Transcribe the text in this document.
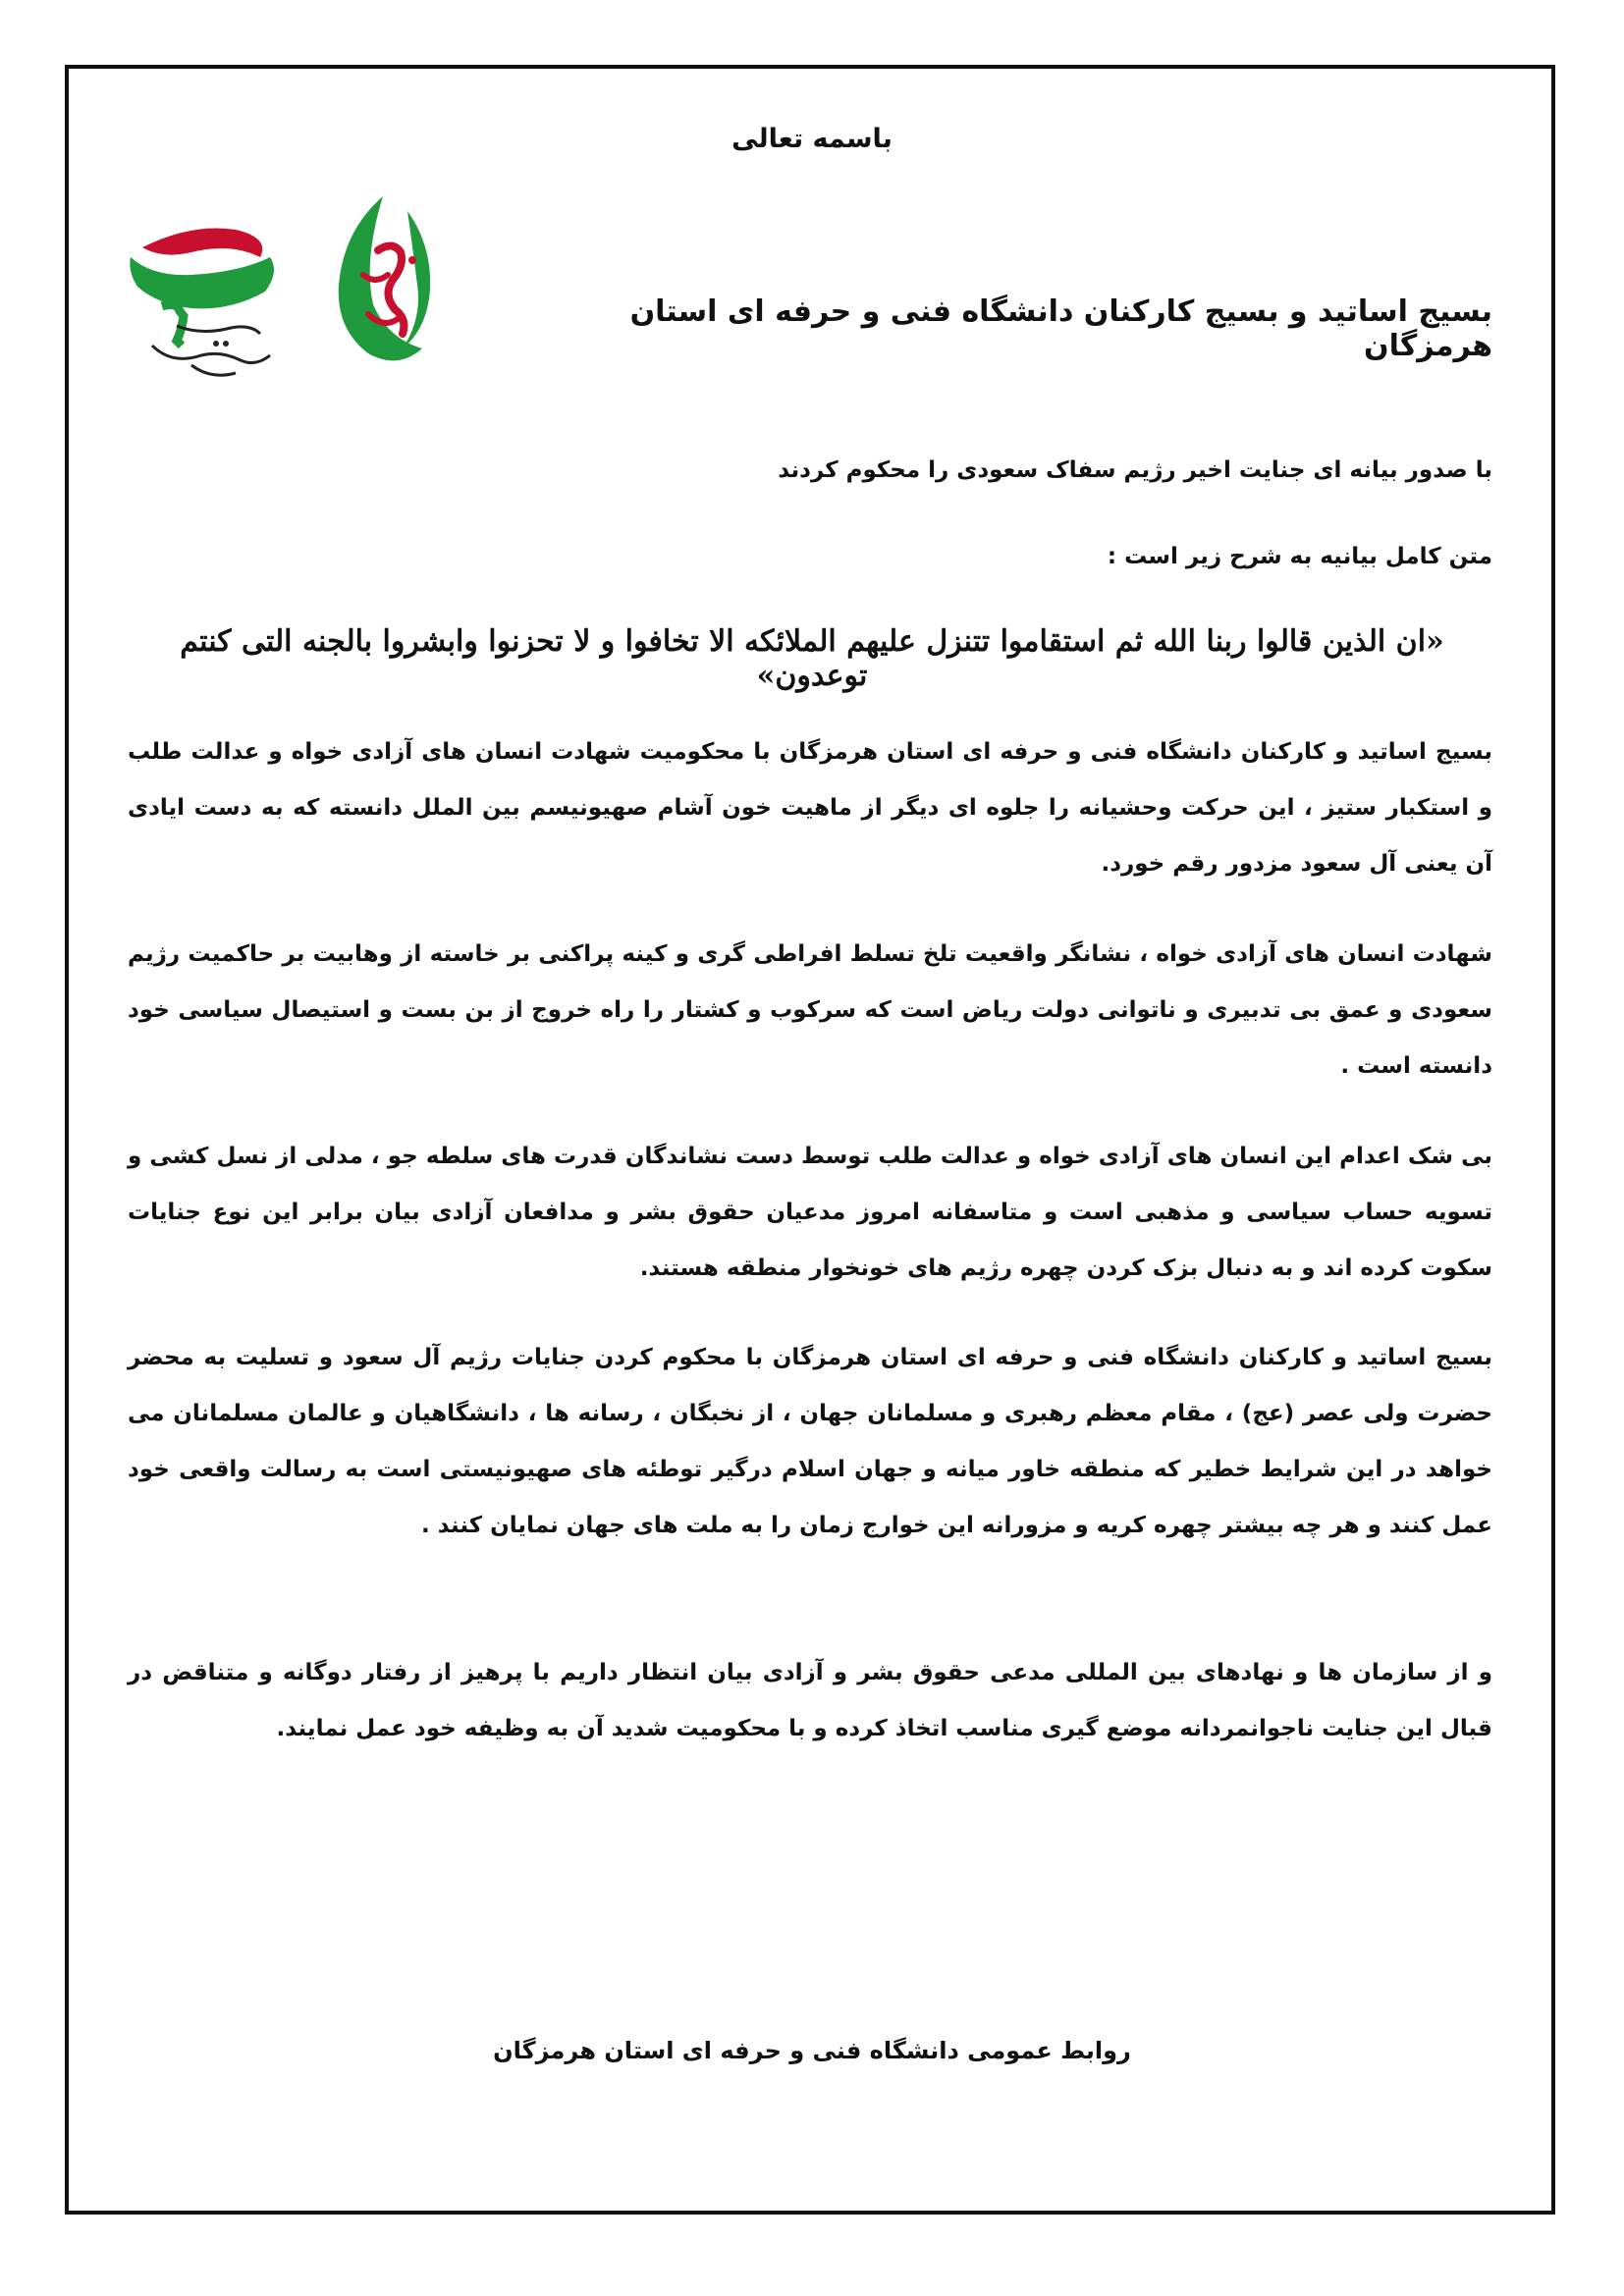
باسمه تعالی
بسیج اساتید و بسیج کارکنان دانشگاه فنی و حرفه ای استان هرمزگان
با صدور بیانه ای جنایت اخیر رژیم سفاک سعودی را محکوم کردند
متن کامل بیانیه به شرح زیر است :
«ان الذین قالوا ربنا الله ثم استقاموا تتنزل علیهم الملائکه الا تخافوا و لا تحزنوا وابشروا بالجنه التی کنتم توعدون»
بسیج اساتید و کارکنان دانشگاه فنی و حرفه ای استان هرمزگان با محکومیت شهادت انسان های آزادی خواه و عدالت طلب و استکبار ستیز ، این حرکت وحشیانه را جلوه ای دیگر از ماهیت خون آشام صهیونیسم بین الملل دانسته که به دست ایادی آن یعنی آل سعود مزدور رقم خورد.
شهادت انسان های آزادی خواه ، نشانگر واقعیت تلخ تسلط افراطی گری و کینه پراکنی بر خاسته از وهابیت بر حاکمیت رژیم سعودی و عمق بی تدبیری و ناتوانی دولت ریاض است که سرکوب و کشتار را راه خروج از بن بست و استیصال سیاسی خود دانسته است .
بی شک اعدام این انسان های آزادی خواه و عدالت طلب توسط دست نشاندگان قدرت های سلطه جو ، مدلی از نسل کشی و تسویه حساب سیاسی و مذهبی است و متاسفانه امروز مدعیان حقوق بشر و مدافعان آزادی بیان برابر این نوع جنایات سکوت کرده اند و به دنبال بزک کردن چهره رژیم های خونخوار منطقه هستند.
بسیج اساتید و کارکنان دانشگاه فنی و حرفه ای استان هرمزگان با محکوم کردن جنایات رژیم آل سعود و تسلیت به محضر حضرت ولی عصر (عج) ، مقام معظم رهبری و مسلمانان جهان ، از نخبگان ، رسانه ها ، دانشگاهیان و عالمان مسلمانان می خواهد در این شرایط خطیر که منطقه خاور میانه و جهان اسلام درگیر توطئه های صهیونیستی است به رسالت واقعی خود عمل کنند و هر چه بیشتر چهره کریه و مزورانه این خوارج زمان را به ملت های جهان نمایان کنند .
و از سازمان ها و نهادهای بین المللی مدعی حقوق بشر و آزادی بیان انتظار داریم با پرهیز از رفتار دوگانه و متناقض در قبال این جنایت ناجوانمردانه موضع گیری مناسب اتخاذ کرده و با محکومیت شدید آن به وظیفه خود عمل نمایند.
روابط عمومی دانشگاه فنی و حرفه ای استان هرمزگان
